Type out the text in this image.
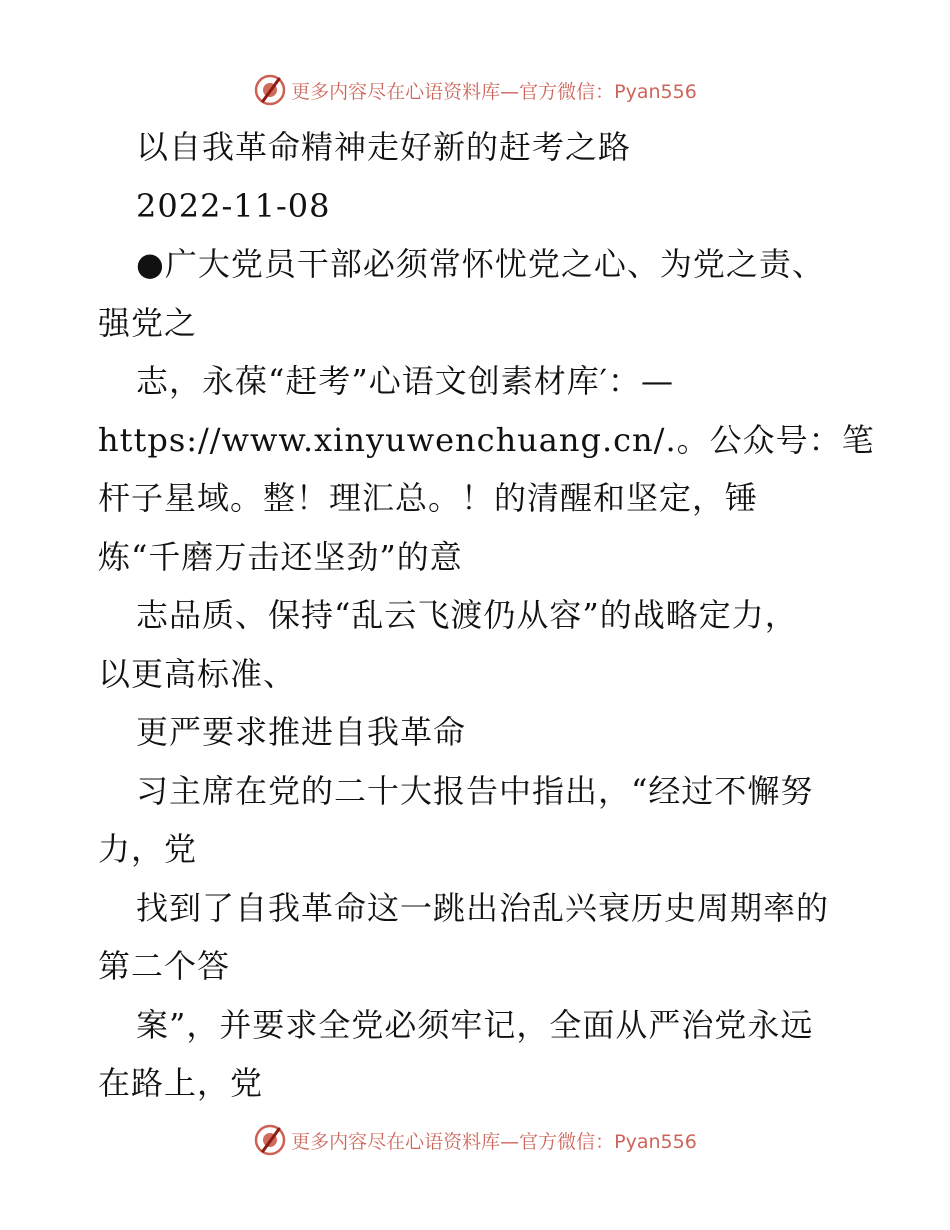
更多内容尽在心语资料库—官方微信：Pyan556
以自我革命精神走好新的赶考之路
2022-11-08
●广大党员干部必须常怀忧党之心、为党之责、
强党之
志，永葆“赶考”心语文创素材库′：—
https://www.xinyuwenchuang.cn/.。公众号：笔
杆子星域。整！理汇总。！的清醒和坚定，锤
炼“千磨万击还坚劲”的意
志品质、保持“乱云飞渡仍从容”的战略定力，
以更高标准、
更严要求推进自我革命
习主席在党的二十大报告中指出，“经过不懈努
力，党
找到了自我革命这一跳出治乱兴衰历史周期率的
第二个答
案”，并要求全党必须牢记，全面从严治党永远
在路上，党
更多内容尽在心语资料库—官方微信：Pyan556
